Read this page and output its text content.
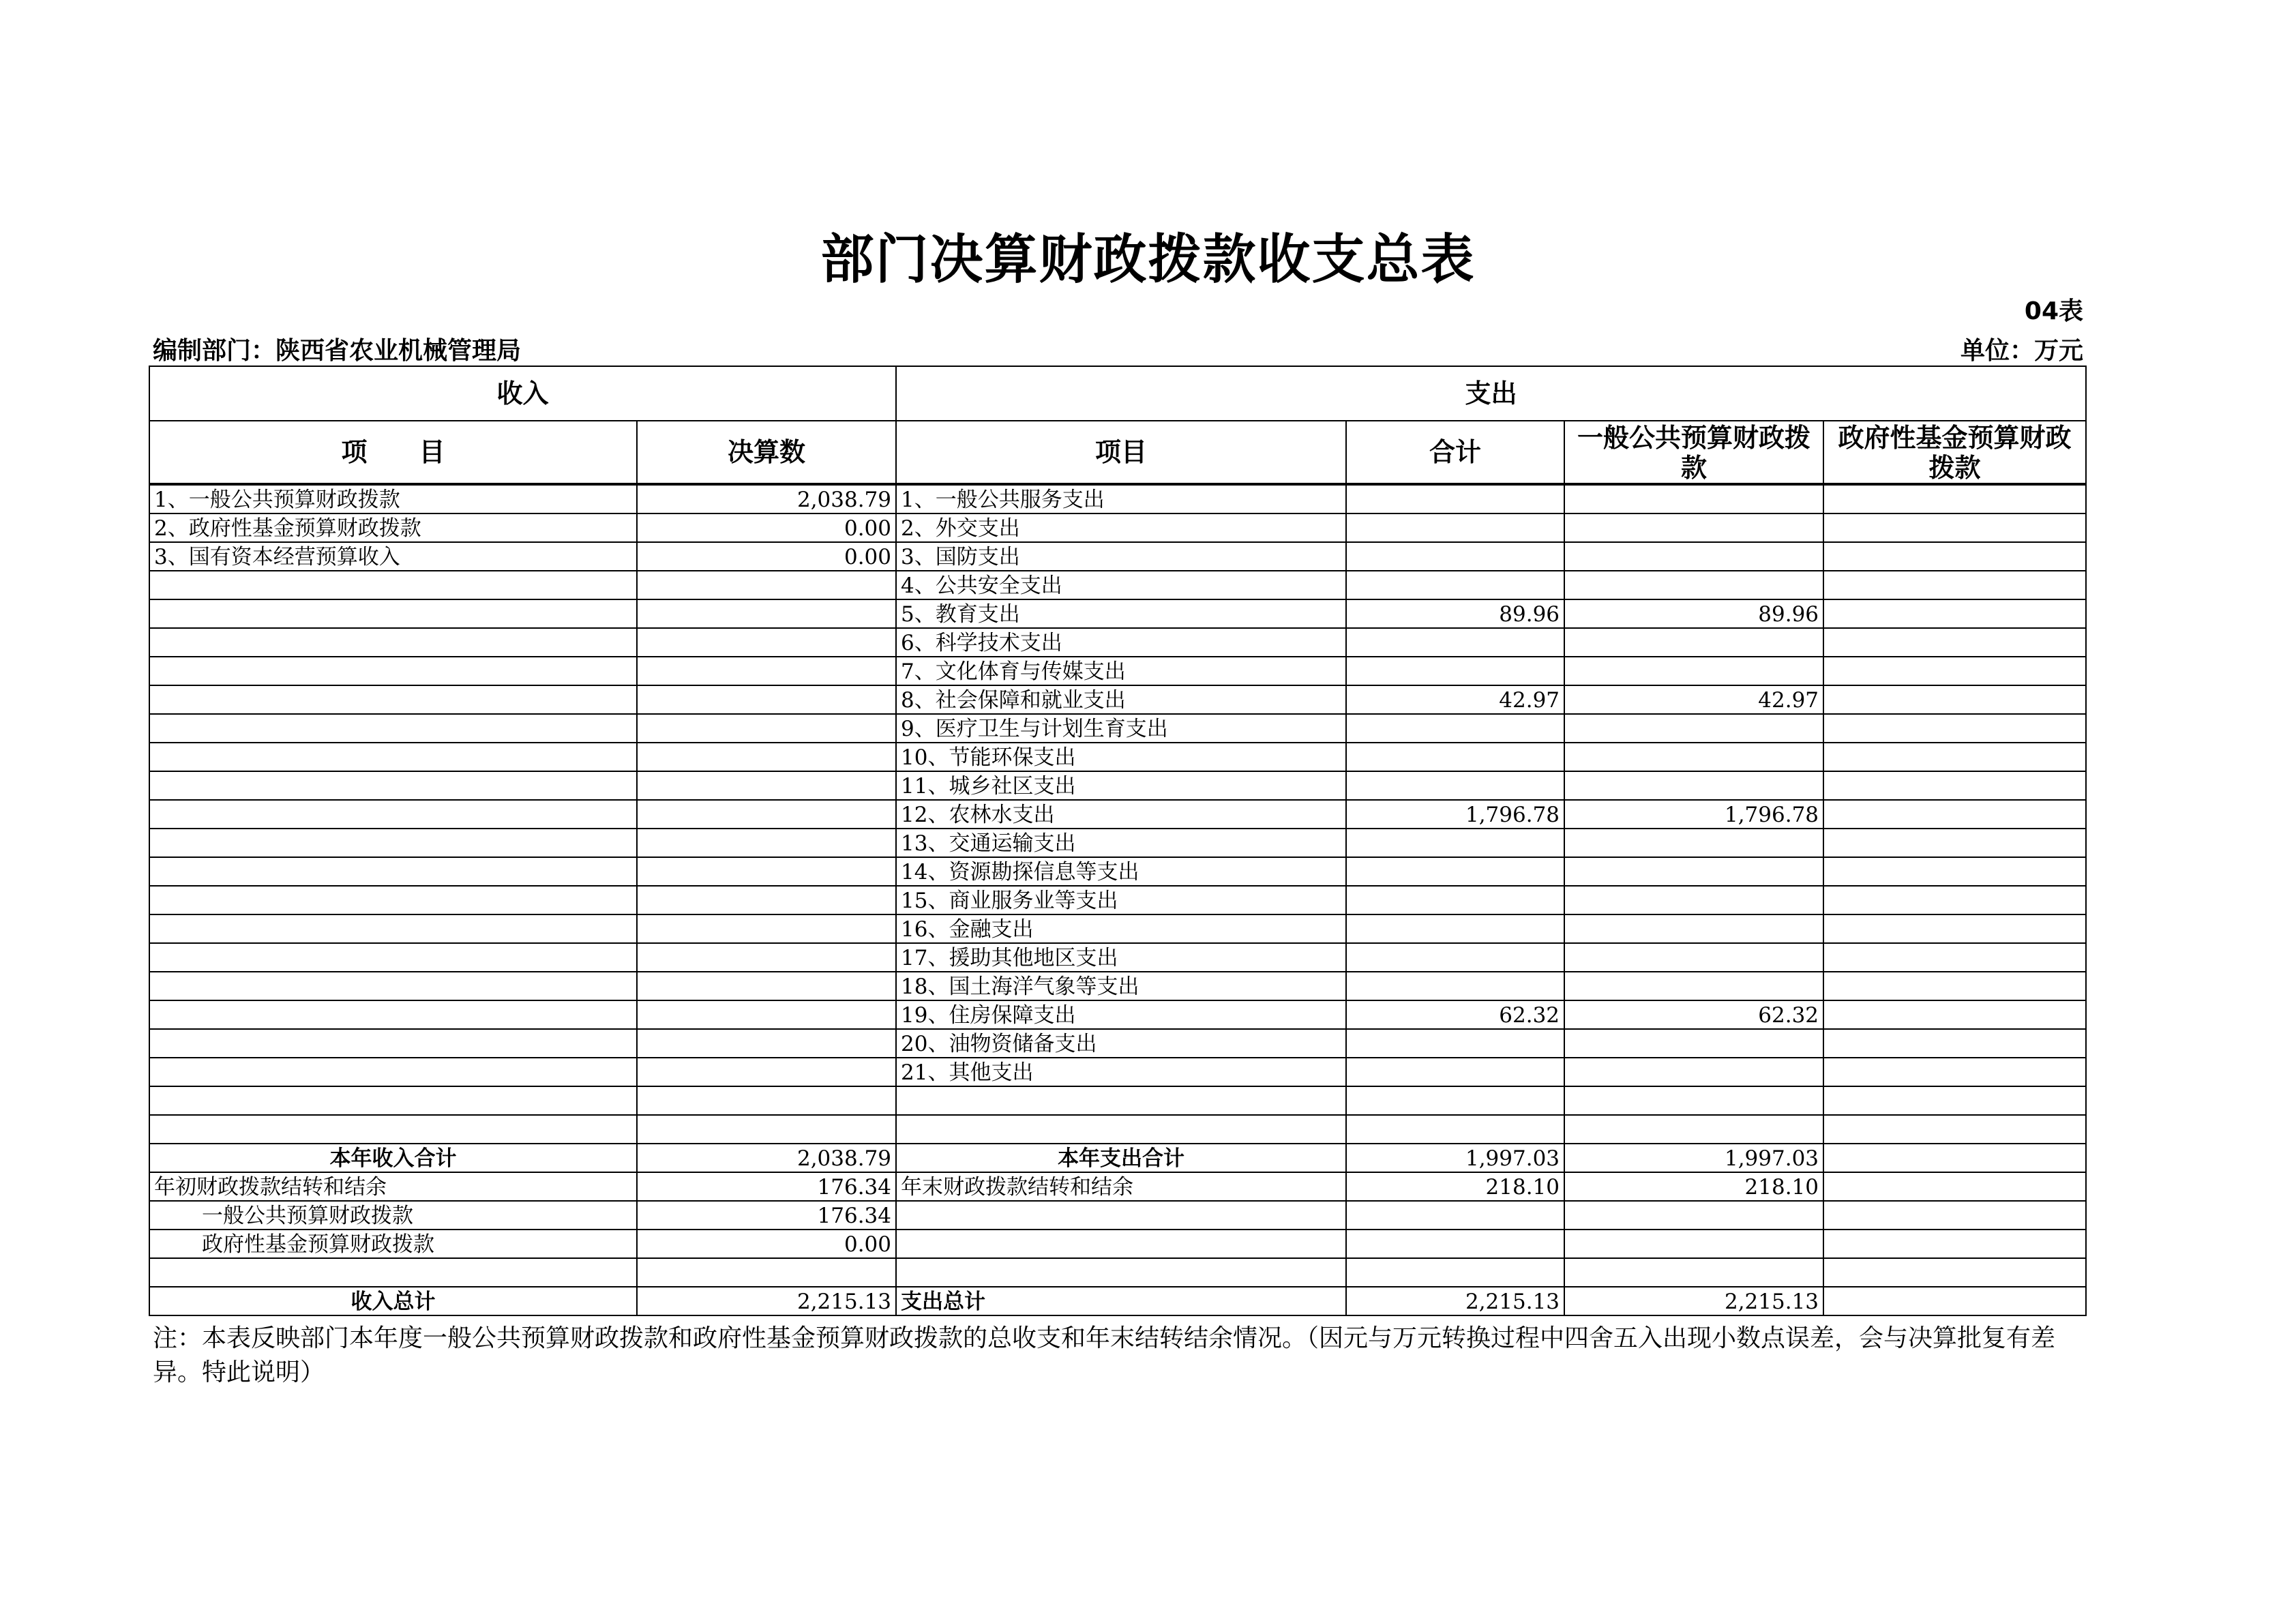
部门决算财政拨款收支总表
04表
编制部门：陕西省农业机械管理局	单位：万元
收入		支出			
项　　目	决算数	项目	合计	一般公共预算财政拨款	政府性基金预算财政拨款
1、一般公共预算财政拨款	2,038.79	1、一般公共服务支出			
2、政府性基金预算财政拨款	0.00	2、外交支出			
3、国有资本经营预算收入	0.00	3、国防支出			
		4、公共安全支出			
		5、教育支出	89.96	89.96	
		6、科学技术支出			
		7、文化体育与传媒支出			
		8、社会保障和就业支出	42.97	42.97	
		9、医疗卫生与计划生育支出			
		10、节能环保支出			
		11、城乡社区支出			
		12、农林水支出	1,796.78	1,796.78	
		13、交通运输支出			
		14、资源勘探信息等支出			
		15、商业服务业等支出			
		16、金融支出			
		17、援助其他地区支出			
		18、国土海洋气象等支出			
		19、住房保障支出	62.32	62.32	
		20、油物资储备支出			
		21、其他支出			

本年收入合计	2,038.79	本年支出合计	1,997.03	1,997.03	
年初财政拨款结转和结余	176.34	年末财政拨款结转和结余	218.10	218.10	
一般公共预算财政拨款	176.34				
政府性基金预算财政拨款	0.00				

收入总计	2,215.13	支出总计	2,215.13	2,215.13	
注：本表反映部门本年度一般公共预算财政拨款和政府性基金预算财政拨款的总收支和年末结转结余情况。（因元与万元转换过程中四舍五入出现小数点误差，会与决算批复有差异。特此说明）
